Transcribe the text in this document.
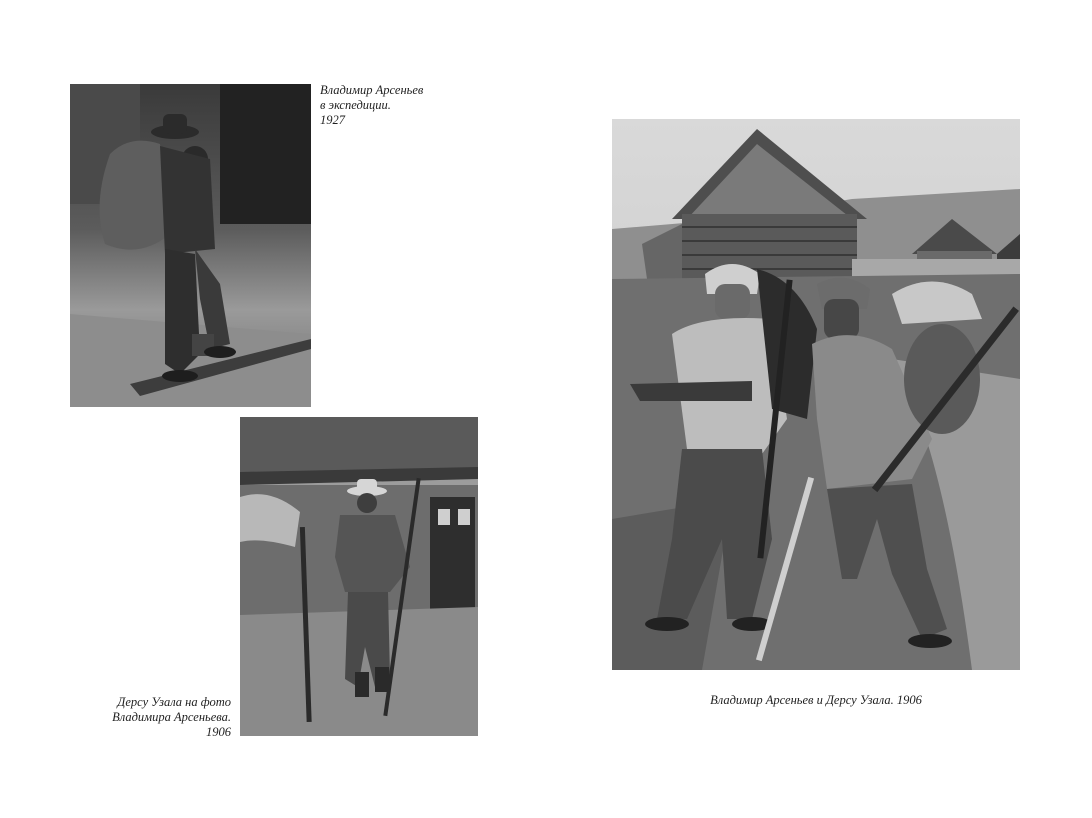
Владимир Арсеньев
в экспедиции.
1927

Дерсу Узала на фото
Владимира Арсеньева.
1906

Владимир Арсеньев и Дерсу Узала. 1906
